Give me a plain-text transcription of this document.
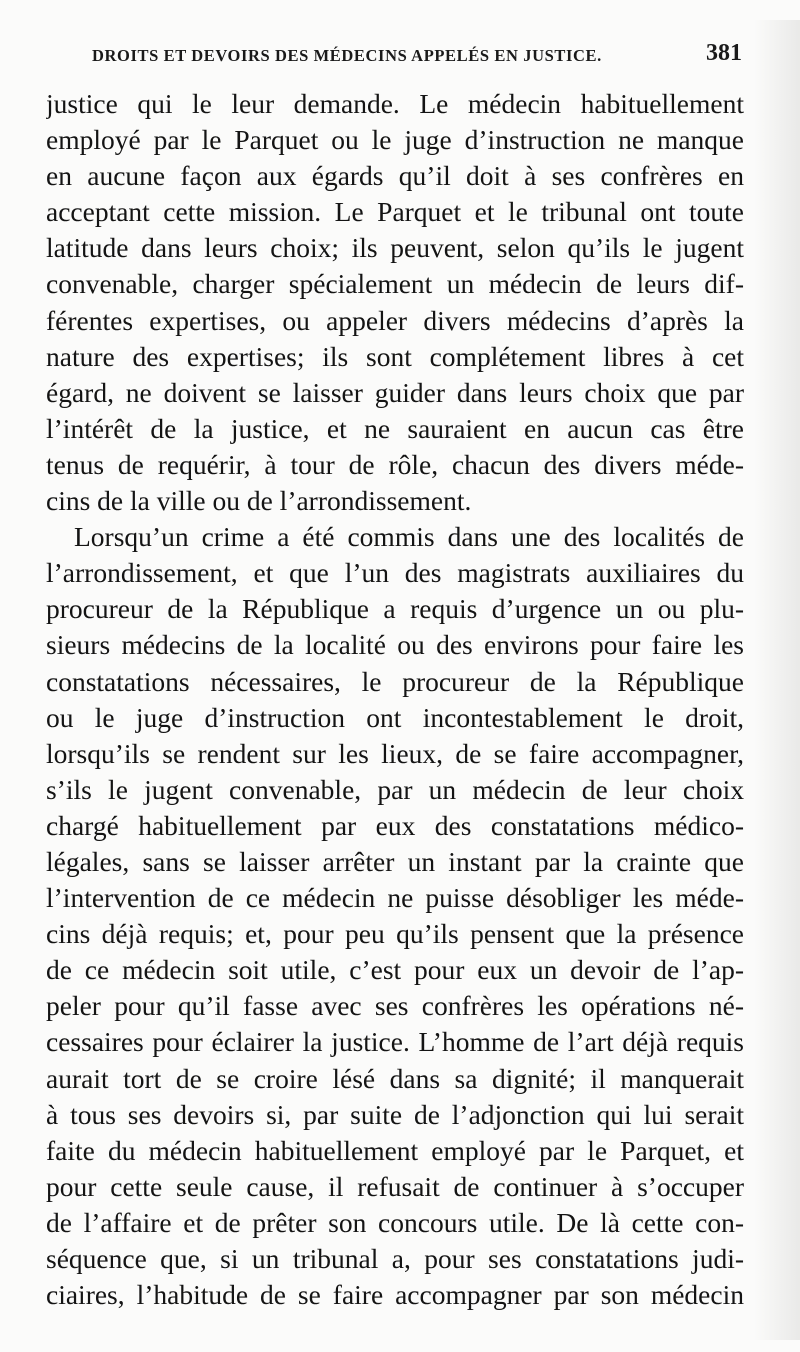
DROITS ET DEVOIRS DES MÉDECINS APPELÉS EN JUSTICE.	381
justice qui le leur demande. Le médecin habituellement
employé par le Parquet ou le juge d’instruction ne manque
en aucune façon aux égards qu’il doit à ses confrères en
acceptant cette mission. Le Parquet et le tribunal ont toute
latitude dans leurs choix; ils peuvent, selon qu’ils le jugent
convenable, charger spécialement un médecin de leurs dif-
férentes expertises, ou appeler divers médecins d’après la
nature des expertises; ils sont complétement libres à cet
égard, ne doivent se laisser guider dans leurs choix que par
l’intérêt de la justice, et ne sauraient en aucun cas être
tenus de requérir, à tour de rôle, chacun des divers méde-
cins de la ville ou de l’arrondissement.
Lorsqu’un crime a été commis dans une des localités de
l’arrondissement, et que l’un des magistrats auxiliaires du
procureur de la République a requis d’urgence un ou plu-
sieurs médecins de la localité ou des environs pour faire les
constatations nécessaires, le procureur de la République
ou le juge d’instruction ont incontestablement le droit,
lorsqu’ils se rendent sur les lieux, de se faire accompagner,
s’ils le jugent convenable, par un médecin de leur choix
chargé habituellement par eux des constatations médico-
légales, sans se laisser arrêter un instant par la crainte que
l’intervention de ce médecin ne puisse désobliger les méde-
cins déjà requis; et, pour peu qu’ils pensent que la présence
de ce médecin soit utile, c’est pour eux un devoir de l’ap-
peler pour qu’il fasse avec ses confrères les opérations né-
cessaires pour éclairer la justice. L’homme de l’art déjà requis
aurait tort de se croire lésé dans sa dignité; il manquerait
à tous ses devoirs si, par suite de l’adjonction qui lui serait
faite du médecin habituellement employé par le Parquet, et
pour cette seule cause, il refusait de continuer à s’occuper
de l’affaire et de prêter son concours utile. De là cette con-
séquence que, si un tribunal a, pour ses constatations judi-
ciaires, l’habitude de se faire accompagner par son médecin
